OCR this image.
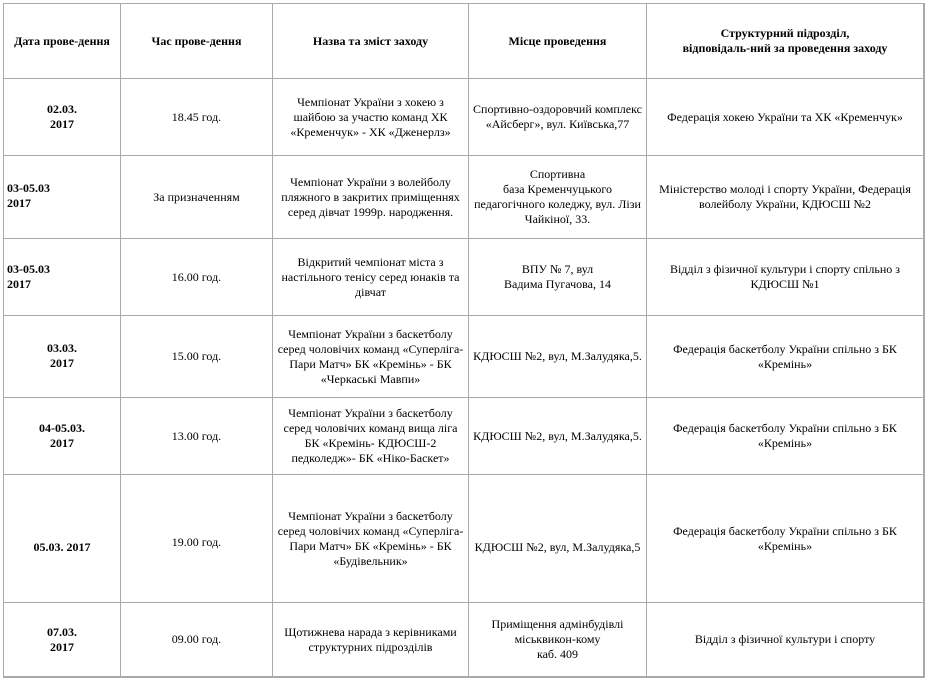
Дата прове-дення	Час прове-дення	Назва та зміст заходу	Місце проведення	Структурний підрозділ,
відповідаль-ний за проведення заходу
02.03.
2017	18.45 год.	Чемпіонат України з хокею з шайбою за участю команд ХК «Кременчук» - ХК «Дженерлз»	Спортивно-оздоровчий комплекс «Айсберг», вул. Київська,77	Федерація хокею України та ХК «Кременчук»
03-05.03
2017	За призначенням	Чемпіонат України з волейболу пляжного в закритих приміщеннях серед дівчат 1999р. народження.	Спортивна
база Кременчуцького педагогічного коледжу, вул. Лізи Чайкіної, 33.	Міністерство молоді і спорту України, Федерація волейболу України, КДЮСШ №2
03-05.03
2017	16.00 год.	Відкритий чемпіонат міста з настільного тенісу серед юнаків та дівчат	ВПУ № 7, вул
Вадима Пугачова, 14	Відділ з фізичної культури і спорту спільно з КДЮСШ №1
03.03.
2017	15.00 год.	Чемпіонат України з баскетболу серед чоловічих команд «Суперліга-Пари Матч» БК «Кремінь» - БК «Черкаські Мавпи»	КДЮСШ №2, вул, М.Залудяка,5.	Федерація баскетболу України спільно з БК «Кремінь»
04-05.03.
2017	13.00 год.	Чемпіонат України з баскетболу серед чоловічих команд вища ліга БК «Кремінь- КДЮСШ-2 педколедж»- БК «Ніко-Баскет»	КДЮСШ №2, вул, М.Залудяка,5.	Федерація баскетболу України спільно з БК «Кремінь»
05.03. 2017	19.00 год.	Чемпіонат України з баскетболу серед чоловічих команд «Суперліга-Пари Матч» БК «Кремінь» - БК «Будівельник»	КДЮСШ №2, вул, М.Залудяка,5	Федерація баскетболу України спільно з БК «Кремінь»
07.03.
2017	09.00 год.	Щотижнева нарада з керівниками структурних підрозділів	Приміщення адмінбудівлі міськвикон-кому
каб. 409	Відділ з фізичної культури і спорту
